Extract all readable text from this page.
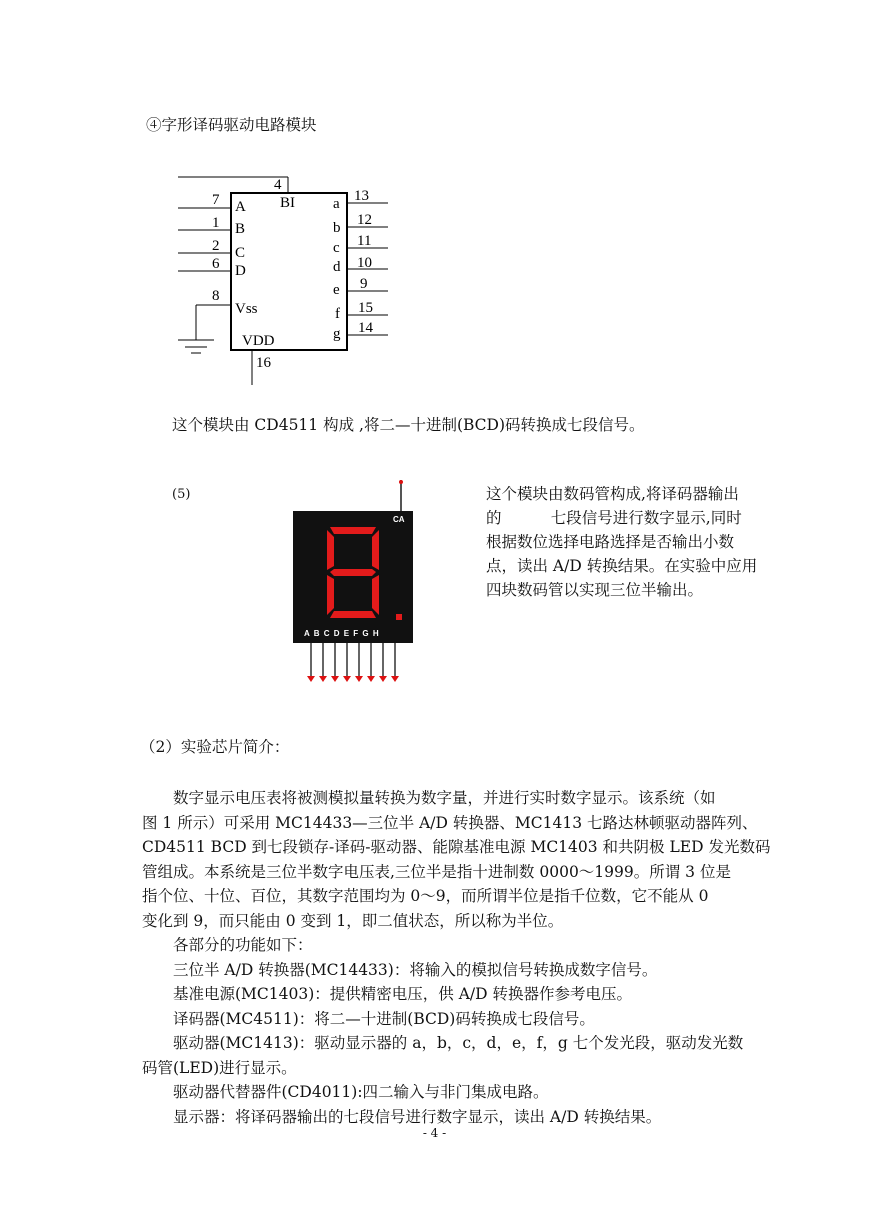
④字形译码驱动电路模块
4
7
1
2
6
8
16
13
12
11
10
9
15
14
BI
A
B
C
D
Vss
VDD
a
b
c
d
e
f
g
这个模块由 CD4511 构成 ,将二—十进制(BCD)码转换成七段信号。
(5)
CA
A B C D E F G H

这个模块由数码管构成,将译码器输出

的          七段信号进行数字显示,同时

根据数位选择电路选择是否输出小数

点，读出 A/D 转换结果。在实验中应用

四块数码管以实现三位半输出。

（2）实验芯片简介：

数字显示电压表将被测模拟量转换为数字量，并进行实时数字显示。该系统（如

图 1 所示）可采用 MC14433—三位半 A/D 转换器、MC1413 七路达林顿驱动器阵列、

CD4511 BCD 到七段锁存-译码-驱动器、能隙基准电源 MC1403 和共阴极 LED 发光数码

管组成。本系统是三位半数字电压表,三位半是指十进制数 0000～1999。所谓 3 位是

指个位、十位、百位，其数字范围均为 0～9，而所谓半位是指千位数，它不能从 0

变化到 9，而只能由 0 变到 1，即二值状态，所以称为半位。

各部分的功能如下：

三位半 A/D 转换器(MC14433)：将输入的模拟信号转换成数字信号。

基准电源(MC1403)：提供精密电压，供 A/D 转换器作参考电压。

译码器(MC4511)：将二—十进制(BCD)码转换成七段信号。

驱动器(MC1413)：驱动显示器的 a，b，c，d，e，f，g 七个发光段，驱动发光数

码管(LED)进行显示。

驱动器代替器件(CD4011):四二输入与非门集成电路。

显示器：将译码器输出的七段信号进行数字显示，读出 A/D 转换结果。

- 4 -
